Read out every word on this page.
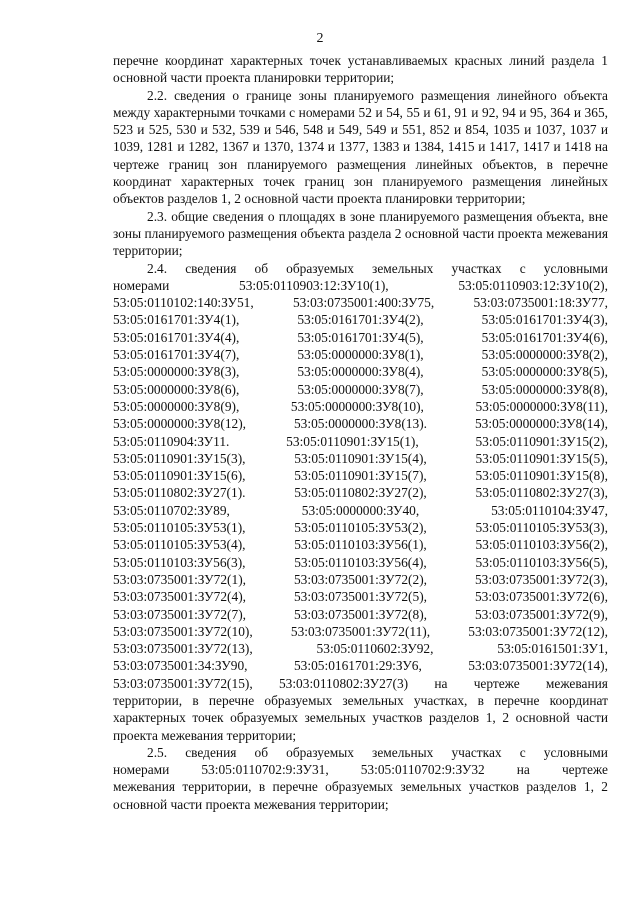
2

перечне координат характерных точек устанавливаемых красных линий раздела 1 основной части проекта планировки территории;

2.2. сведения о границе зоны планируемого размещения линейного объекта между характерными точками с номерами 52 и 54, 55 и 61, 91 и 92, 94 и 95, 364 и 365, 523 и 525, 530 и 532, 539 и 546, 548 и 549, 549 и 551, 852 и 854, 1035 и 1037, 1037 и 1039, 1281 и 1282, 1367 и 1370, 1374 и 1377, 1383 и 1384, 1415 и 1417, 1417 и 1418 на чертеже границ зон планируемого размещения линейных объектов, в перечне координат характерных точек границ зон планируемого размещения линейных объектов разделов 1, 2 основной части проекта планировки территории;

2.3. общие сведения о площадях в зоне планируемого размещения объекта, вне зоны планируемого размещения объекта раздела 2 основной части проекта межевания территории;

2.4. сведения об образуемых земельных участках с условными
номерами	53:05:0110903:12:ЗУ10(1),	53:05:0110903:12:ЗУ10(2),
53:05:0110102:140:ЗУ51,	53:03:0735001:400:ЗУ75,	53:03:0735001:18:ЗУ77,
53:05:0161701:ЗУ4(1),	53:05:0161701:ЗУ4(2),	53:05:0161701:ЗУ4(3),
53:05:0161701:ЗУ4(4),	53:05:0161701:ЗУ4(5),	53:05:0161701:ЗУ4(6),
53:05:0161701:ЗУ4(7),	53:05:0000000:ЗУ8(1),	53:05:0000000:ЗУ8(2),
53:05:0000000:ЗУ8(3),	53:05:0000000:ЗУ8(4),	53:05:0000000:ЗУ8(5),
53:05:0000000:ЗУ8(6),	53:05:0000000:ЗУ8(7),	53:05:0000000:ЗУ8(8),
53:05:0000000:ЗУ8(9),	53:05:0000000:ЗУ8(10),	53:05:0000000:ЗУ8(11),
53:05:0000000:ЗУ8(12),	53:05:0000000:ЗУ8(13).	53:05:0000000:ЗУ8(14),
53:05:0110904:ЗУ11.	53:05:0110901:ЗУ15(1),	53:05:0110901:ЗУ15(2),
53:05:0110901:ЗУ15(3),	53:05:0110901:ЗУ15(4),	53:05:0110901:ЗУ15(5),
53:05:0110901:ЗУ15(6),	53:05:0110901:ЗУ15(7),	53:05:0110901:ЗУ15(8),
53:05:0110802:ЗУ27(1).	53:05:0110802:ЗУ27(2),	53:05:0110802:ЗУ27(3),
53:05:0110702:ЗУ89,	53:05:0000000:ЗУ40,	53:05:0110104:ЗУ47,
53:05:0110105:ЗУ53(1),	53:05:0110105:ЗУ53(2),	53:05:0110105:ЗУ53(3),
53:05:0110105:ЗУ53(4),	53:05:0110103:ЗУ56(1),	53:05:0110103:ЗУ56(2),
53:05:0110103:ЗУ56(3),	53:05:0110103:ЗУ56(4),	53:05:0110103:ЗУ56(5),
53:03:0735001:ЗУ72(1),	53:03:0735001:ЗУ72(2),	53:03:0735001:ЗУ72(3),
53:03:0735001:ЗУ72(4),	53:03:0735001:ЗУ72(5),	53:03:0735001:ЗУ72(6),
53:03:0735001:ЗУ72(7),	53:03:0735001:ЗУ72(8),	53:03:0735001:ЗУ72(9),
53:03:0735001:ЗУ72(10),	53:03:0735001:ЗУ72(11),	53:03:0735001:ЗУ72(12),
53:03:0735001:ЗУ72(13),	53:05:0110602:ЗУ92,	53:05:0161501:ЗУ1,
53:03:0735001:34:ЗУ90,	53:05:0161701:29:ЗУ6,	53:03:0735001:ЗУ72(14),
53:03:0735001:ЗУ72(15), 53:03:0110802:ЗУ27(3) на чертеже межевания

территории, в перечне образуемых земельных участках, в перечне координат характерных точек образуемых земельных участков разделов 1, 2 основной части проекта межевания территории;

2.5. сведения об образуемых земельных участках с условными
номерами 53:05:0110702:9:ЗУ31, 53:05:0110702:9:ЗУ32 на чертеже

межевания территории, в перечне образуемых земельных участков разделов 1, 2 основной части проекта межевания территории;
